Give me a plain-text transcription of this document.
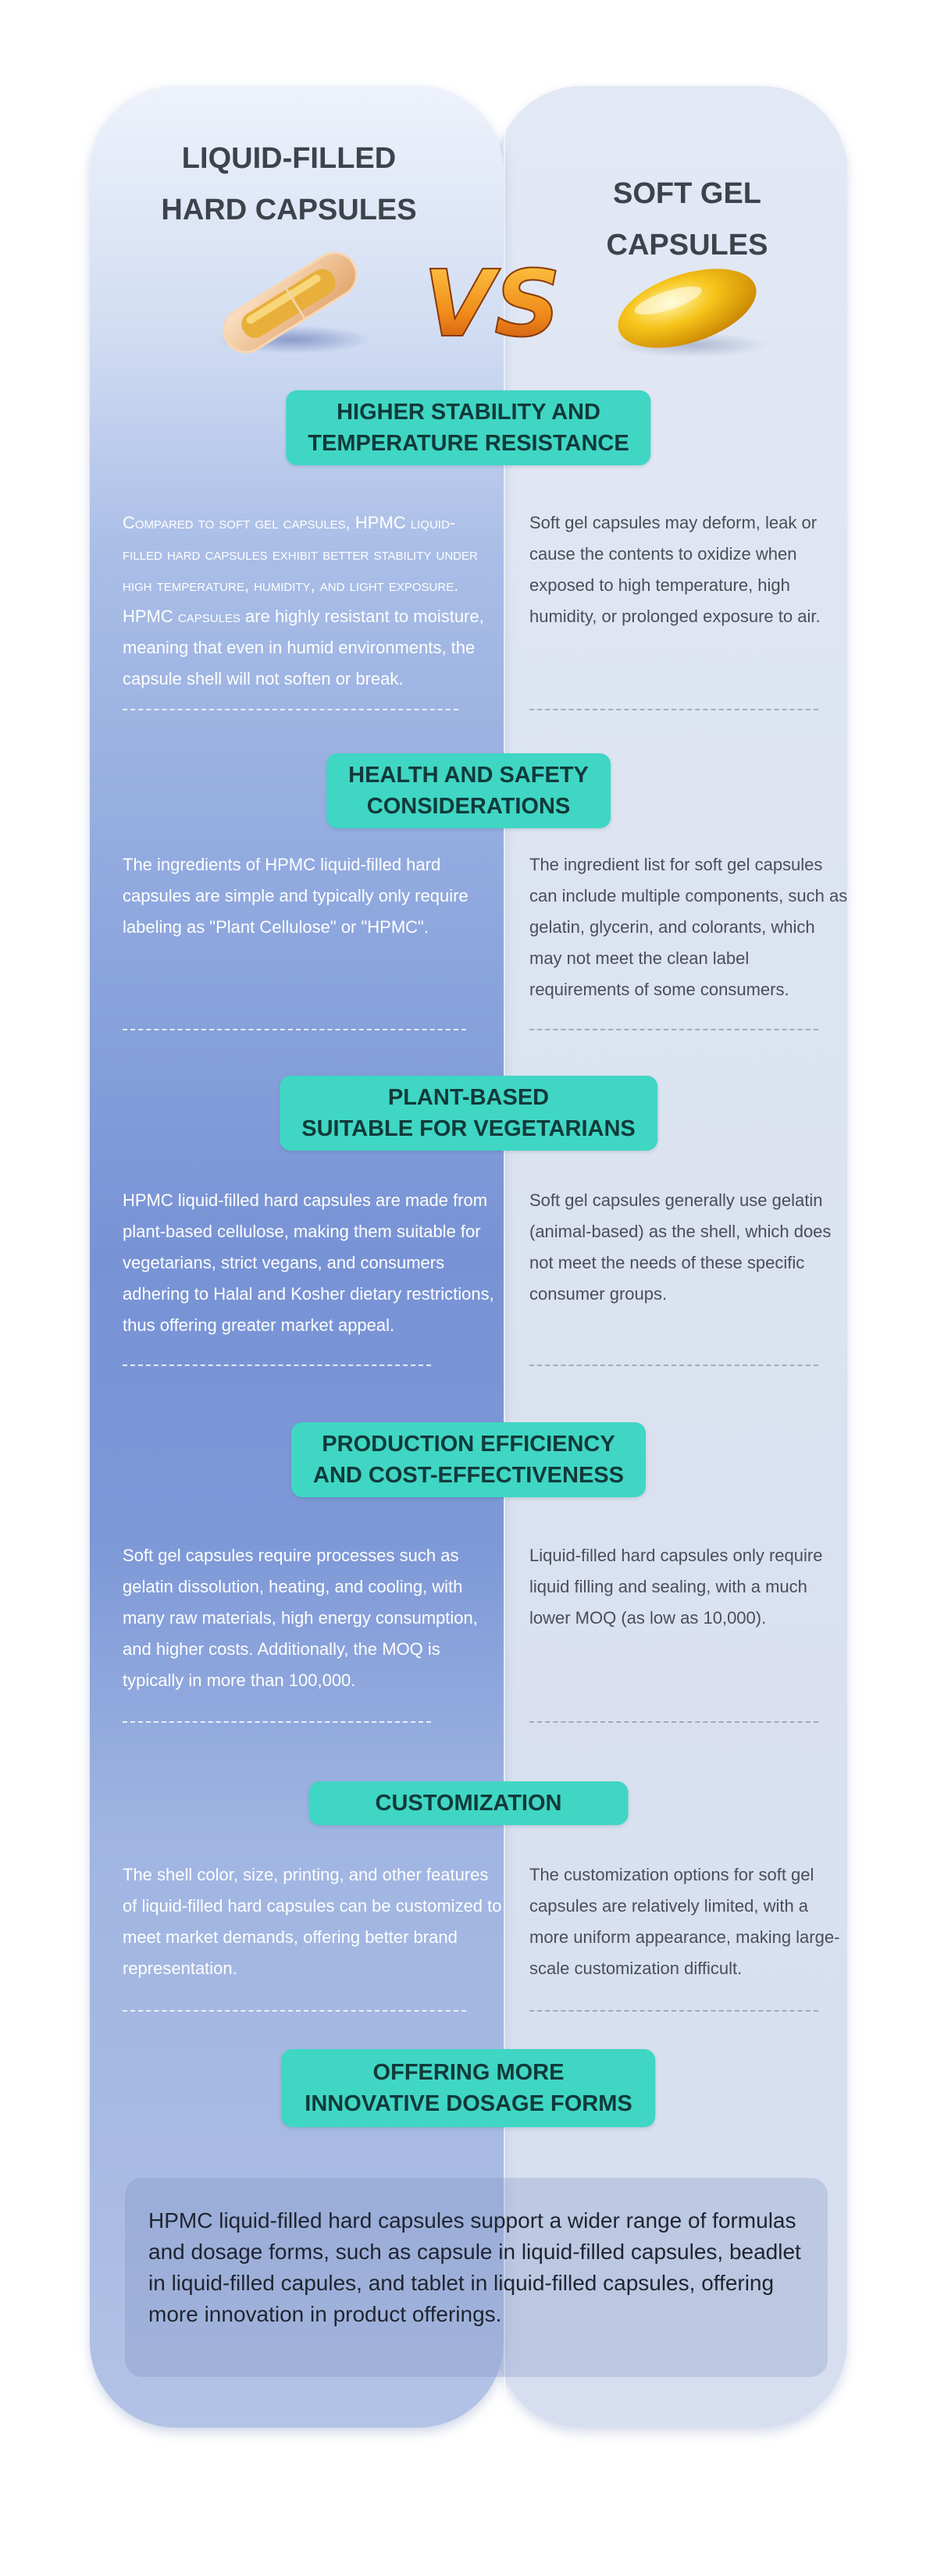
LIQUID-FILLED
HARD CAPSULES	SOFT GEL CAPSULES
VS
HIGHER STABILITY AND
TEMPERATURE RESISTANCE
Compared to soft gel capsules, HPMC liquid-filled hard capsules exhibit better stability under high temperature, humidity, and light exposure. HPMC capsules are highly resistant to moisture, meaning that even in humid environments, the capsule shell will not soften or break.
Soft gel capsules may deform, leak or cause the contents to oxidize when exposed to high temperature, high humidity, or prolonged exposure to air.
HEALTH AND SAFETY
CONSIDERATIONS
The ingredients of HPMC liquid-filled hard capsules are simple and typically only require labeling as "Plant Cellulose" or "HPMC".
The ingredient list for soft gel capsules can include multiple components, such as gelatin, glycerin, and colorants, which may not meet the clean label requirements of some consumers.
PLANT-BASED
SUITABLE FOR VEGETARIANS
HPMC liquid-filled hard capsules are made from plant-based cellulose, making them suitable for vegetarians, strict vegans, and consumers adhering to Halal and Kosher dietary restrictions, thus offering greater market appeal.
Soft gel capsules generally use gelatin (animal-based) as the shell, which does not meet the needs of these specific consumer groups.
PRODUCTION EFFICIENCY
AND COST-EFFECTIVENESS
Soft gel capsules require processes such as gelatin dissolution, heating, and cooling, with many raw materials, high energy consumption, and higher costs. Additionally, the MOQ is typically in more than 100,000.
Liquid-filled hard capsules only require liquid filling and sealing, with a much lower MOQ (as low as 10,000).
CUSTOMIZATION
The shell color, size, printing, and other features of liquid-filled hard capsules can be customized to meet market demands, offering better brand representation.
The customization options for soft gel capsules are relatively limited, with a more uniform appearance, making large-scale customization difficult.
OFFERING MORE
INNOVATIVE DOSAGE FORMS
HPMC liquid-filled hard capsules support a wider range of formulas and dosage forms, such as capsule in liquid-filled capsules, beadlet in liquid-filled capules, and tablet in liquid-filled capsules, offering more innovation in product offerings.
